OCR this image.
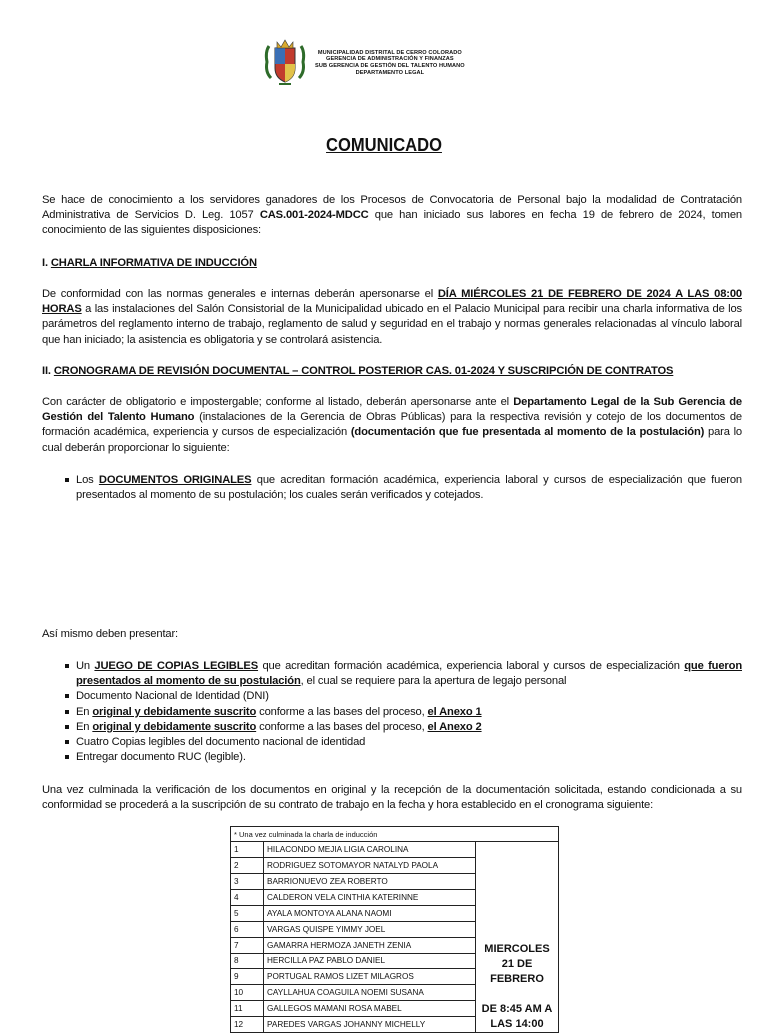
MUNICIPALIDAD DISTRITAL DE CERRO COLORADO
GERENCIA DE ADMINISTRACIÓN Y FINANZAS
SUB GERENCIA DE GESTIÓN DEL TALENTO HUMANO
DEPARTAMENTO LEGAL
COMUNICADO
Se hace de conocimiento a los servidores ganadores de los Procesos de Convocatoria de Personal bajo la modalidad de Contratación Administrativa de Servicios D. Leg. 1057 CAS.001-2024-MDCC que han iniciado sus labores en fecha 19 de febrero de 2024, tomen conocimiento de las siguientes disposiciones:
I. CHARLA INFORMATIVA DE INDUCCIÓN
De conformidad con las normas generales e internas deberán apersonarse el DÍA MIÉRCOLES 21 DE FEBRERO DE 2024 A LAS 08:00 HORAS a las instalaciones del Salón Consistorial de la Municipalidad ubicado en el Palacio Municipal para recibir una charla informativa de los parámetros del reglamento interno de trabajo, reglamento de salud y seguridad en el trabajo y normas generales relacionadas al vínculo laboral que han iniciado; la asistencia es obligatoria y se controlará asistencia.
II. CRONOGRAMA DE REVISIÓN DOCUMENTAL – CONTROL POSTERIOR CAS. 01-2024 Y SUSCRIPCIÓN DE CONTRATOS
Con carácter de obligatorio e impostergable; conforme al listado, deberán apersonarse ante el Departamento Legal de la Sub Gerencia de Gestión del Talento Humano (instalaciones de la Gerencia de Obras Públicas) para la respectiva revisión y cotejo de los documentos de formación académica, experiencia y cursos de especialización (documentación que fue presentada al momento de la postulación) para lo cual deberán proporcionar lo siguiente:
Los DOCUMENTOS ORIGINALES que acreditan formación académica, experiencia laboral y cursos de especialización que fueron presentados al momento de su postulación; los cuales serán verificados y cotejados.
Así mismo deben presentar:
Un JUEGO DE COPIAS LEGIBLES que acreditan formación académica, experiencia laboral y cursos de especialización que fueron presentados al momento de su postulación, el cual se requiere para la apertura de legajo personal
Documento Nacional de Identidad (DNI)
En original y debidamente suscrito conforme a las bases del proceso, el Anexo 1
En original y debidamente suscrito conforme a las bases del proceso, el Anexo 2
Cuatro Copias legibles del documento nacional de identidad
Entregar documento RUC (legible).
Una vez culminada la verificación de los documentos en original y la recepción de la documentación solicitada, estando condicionada a su conformidad se procederá a la suscripción de su contrato de trabajo en la fecha y hora establecido en el cronograma siguiente:
* Una vez culminada la charla de inducción		
1	HILACONDO MEJIA LIGIA CAROLINA	MIERCOLES 21 DE FEBRERO
DE 8:45 AM A LAS 14:00

2	RODRIGUEZ SOTOMAYOR NATALYD PAOLA	
3	BARRIONUEVO ZEA ROBERTO	
4	CALDERON VELA CINTHIA KATERINNE	
5	AYALA MONTOYA ALANA NAOMI	
6	VARGAS QUISPE YIMMY JOEL	
7	GAMARRA HERMOZA JANETH ZENIA	
8	HERCILLA PAZ PABLO DANIEL	
9	PORTUGAL RAMOS LIZET MILAGROS	
10	CAYLLAHUA COAGUILA NOEMI SUSANA	
11	GALLEGOS MAMANI ROSA MABEL	
12	PAREDES VARGAS JOHANNY MICHELLY	
